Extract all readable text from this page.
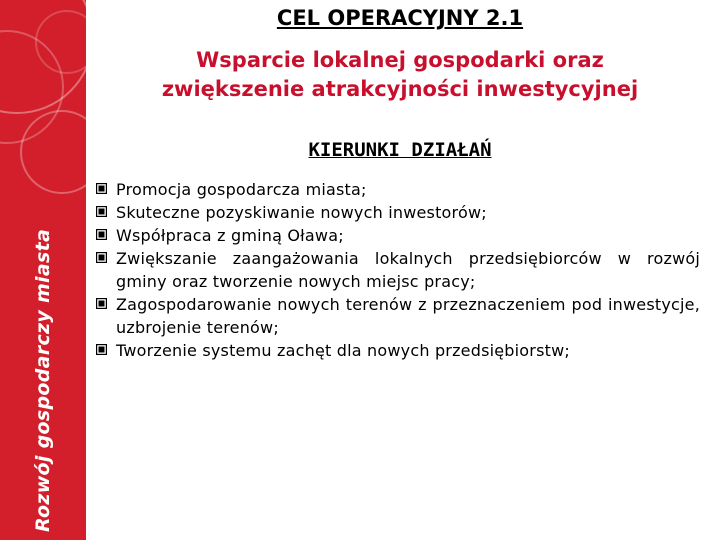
Rozwój gospodarczy miasta
CEL OPERACYJNY 2.1
Wsparcie lokalnej gospodarki oraz
zwiększenie atrakcyjności inwestycyjnej
KIERUNKI DZIAŁAŃ
Promocja gospodarcza miasta;
Skuteczne pozyskiwanie nowych inwestorów;
Współpraca z gminą Oława;
Zwiększanie zaangażowania lokalnych przedsiębiorców w rozwój gminy oraz tworzenie nowych miejsc pracy;
Zagospodarowanie nowych terenów z przeznaczeniem pod inwestycje, uzbrojenie terenów;
Tworzenie systemu zachęt dla nowych przedsiębiorstw;
